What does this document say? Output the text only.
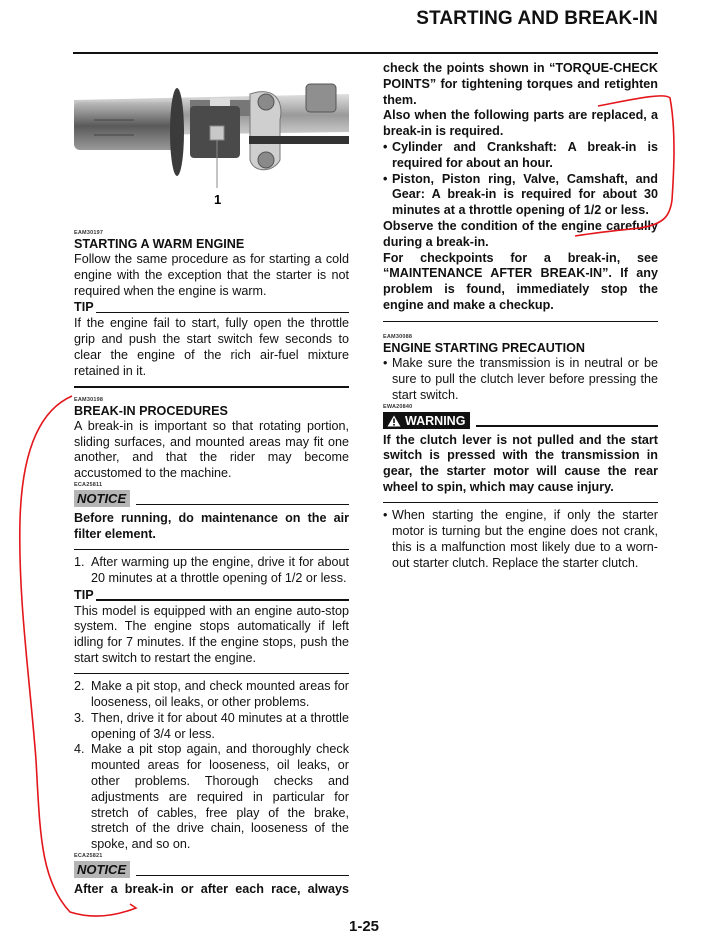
STARTING AND BREAK-IN
1
EAM30197
STARTING A WARM ENGINE

Follow the same procedure as for starting a cold engine with the exception that the starter is not required when the engine is warm.

TIP

If the engine fail to start, fully open the throttle grip and push the start switch few seconds to clear the engine of the rich air-fuel mixture retained in it.

EAM30198
BREAK-IN PROCEDURES

A break-in is important so that rotating portion, sliding surfaces, and mounted areas may fit one another, and that the rider may become accustomed to the machine.

ECA25811
NOTICE

Before running, do maintenance on the air filter element.

1. After warming up the engine, drive it for about 20 minutes at a throttle opening of 1/2 or less.
TIP

This model is equipped with an engine auto-stop system. The engine stops automatically if left idling for 7 minutes. If the engine stops, push the start switch to restart the engine.

2. Make a pit stop, and check mounted areas for looseness, oil leaks, or other problems.
3. Then, drive it for about 40 minutes at a throttle opening of 3/4 or less.
4. Make a pit stop again, and thoroughly check mounted areas for looseness, oil leaks, or other problems. Thorough checks and adjustments are required in particular for stretch of cables, free play of the brake, stretch of the drive chain, looseness of the spoke, and so on.
ECA25821
NOTICE

After a break-in or after each race, always

check the points shown in “TORQUE-CHECK POINTS” for tightening torques and retighten them.

Also when the following parts are replaced, a break-in is required.

• Cylinder and Crankshaft: A break-in is required for about an hour.
• Piston, Piston ring, Valve, Camshaft, and Gear: A break-in is required for about 30 minutes at a throttle opening of 1/2 or less.

Observe the condition of the engine carefully during a break-in.

For checkpoints for a break-in, see “MAINTENANCE AFTER BREAK-IN”. If any problem is found, immediately stop the engine and make a checkup.

EAM30088
ENGINE STARTING PRECAUTION
• Make sure the transmission is in neutral or be sure to pull the clutch lever before pressing the start switch.
EWA20840
WARNING

If the clutch lever is not pulled and the start switch is pressed with the transmission in gear, the starter motor will cause the rear wheel to spin, which may cause injury.

• When starting the engine, if only the starter motor is turning but the engine does not crank, this is a malfunction most likely due to a worn-out starter clutch. Replace the starter clutch.
1-25
